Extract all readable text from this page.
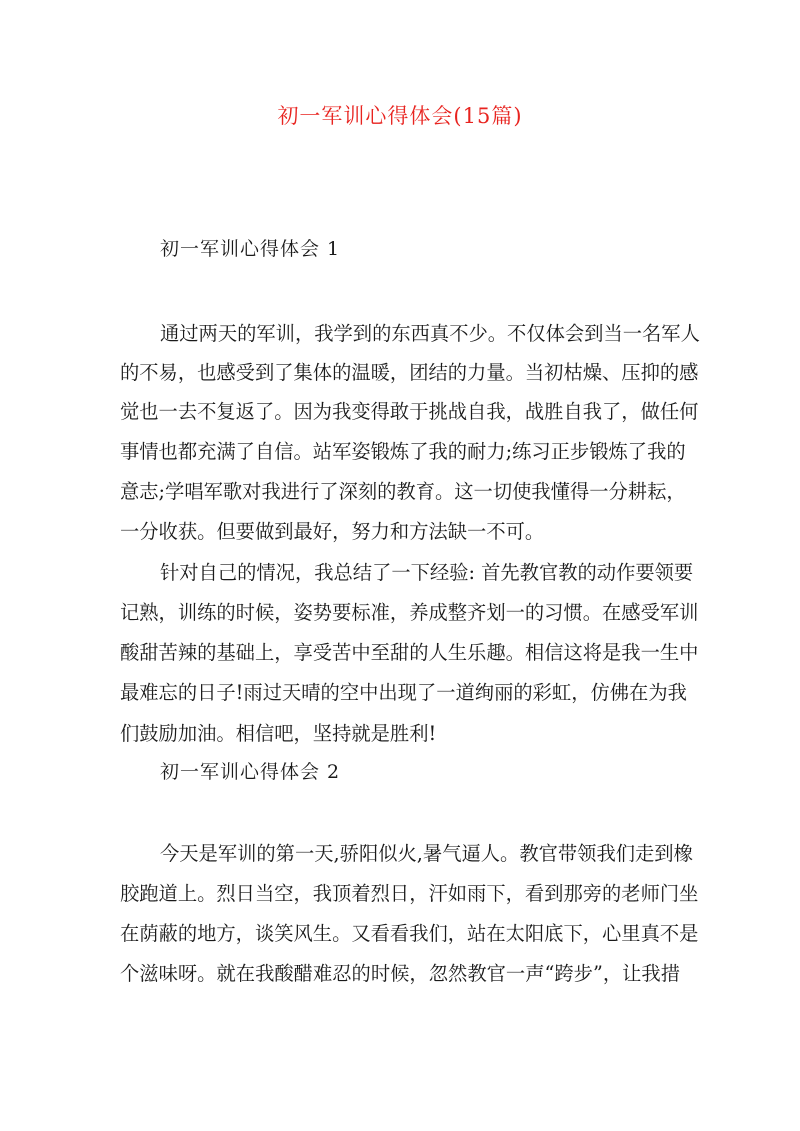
初一军训心得体会(15篇)
初一军训心得体会 1

通过两天的军训，我学到的东西真不少。不仅体会到当一名军人

的不易，也感受到了集体的温暖，团结的力量。当初枯燥、压抑的感

觉也一去不复返了。因为我变得敢于挑战自我，战胜自我了，做任何

事情也都充满了自信。站军姿锻炼了我的耐力;练习正步锻炼了我的

意志;学唱军歌对我进行了深刻的教育。这一切使我懂得一分耕耘，

一分收获。但要做到最好，努力和方法缺一不可。

针对自己的情况，我总结了一下经验: 首先教官教的动作要领要

记熟，训练的时候，姿势要标准，养成整齐划一的习惯。在感受军训

酸甜苦辣的基础上，享受苦中至甜的人生乐趣。相信这将是我一生中

最难忘的日子!雨过天晴的空中出现了一道绚丽的彩虹，仿佛在为我

们鼓励加油。相信吧，坚持就是胜利!

初一军训心得体会 2

今天是军训的第一天,骄阳似火,暑气逼人。教官带领我们走到橡

胶跑道上。烈日当空，我顶着烈日，汗如雨下，看到那旁的老师门坐

在荫蔽的地方，谈笑风生。又看看我们，站在太阳底下，心里真不是

个滋味呀。就在我酸醋难忍的时候，忽然教官一声“跨步”，让我措
